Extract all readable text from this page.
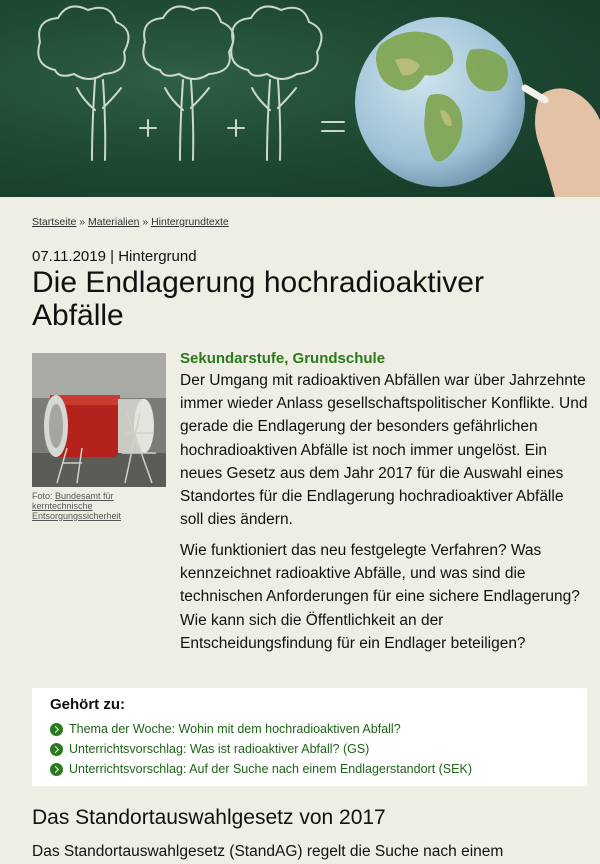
Startseite » Materialien » Hintergrundtexte
07.11.2019 | Hintergrund
Die Endlagerung hochradioaktiver Abfälle
Foto: Bundesamt für kerntechnische Entsorgungssicherheit
Sekundarstufe, Grundschule

Der Umgang mit radioaktiven Abfällen war über Jahrzehnte immer wieder Anlass gesellschaftspolitischer Konflikte. Und gerade die Endlagerung der besonders gefährlichen hochradioaktiven Abfälle ist noch immer ungelöst. Ein neues Gesetz aus dem Jahr 2017 für die Auswahl eines Standortes für die Endlagerung hochradioaktiver Abfälle soll dies ändern.

Wie funktioniert das neu festgelegte Verfahren? Was kennzeichnet radioaktive Abfälle, und was sind die technischen Anforderungen für eine sichere Endlagerung? Wie kann sich die Öffentlichkeit an der Entscheidungsfindung für ein Endlager beteiligen?

Gehört zu:
Thema der Woche: Wohin mit dem hochradioaktiven Abfall?
Unterrichtsvorschlag: Was ist radioaktiver Abfall? (GS)
Unterrichtsvorschlag: Auf der Suche nach einem Endlagerstandort (SEK)
Das Standortauswahlgesetz von 2017

Das Standortauswahlgesetz (StandAG) regelt die Suche nach einem
